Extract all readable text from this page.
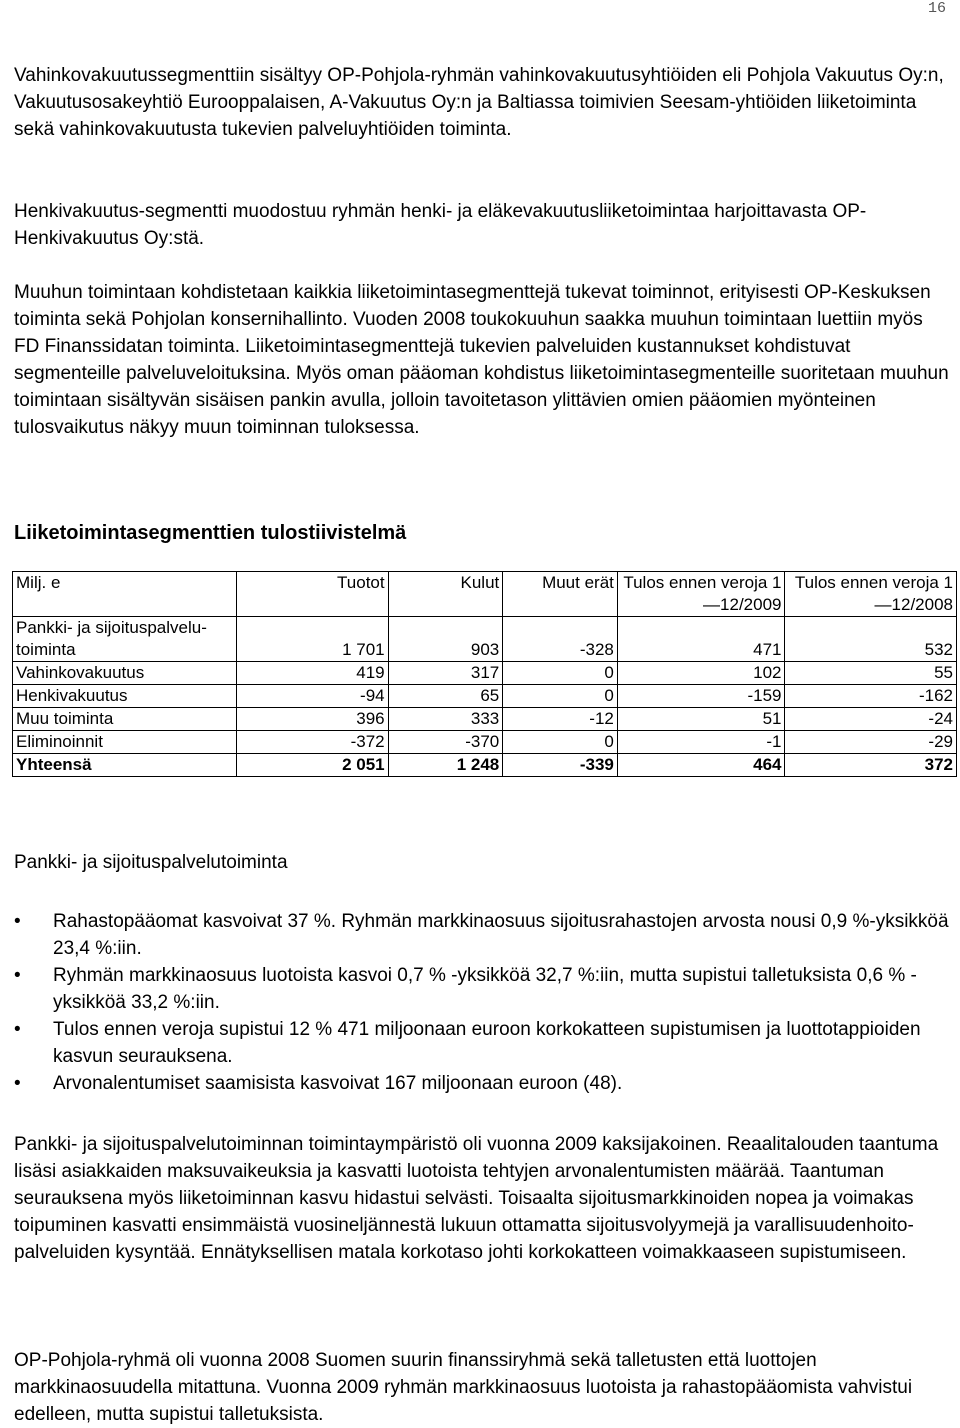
16

Vahinkovakuutussegmenttiin sisältyy OP-Pohjola-ryhmän vahinkovakuutusyhtiöiden eli Pohjola Vakuutus Oy:n, Vakuutusosakeyhtiö Eurooppalaisen, A-Vakuutus Oy:n ja Baltiassa toimivien Seesam-yhtiöiden liiketoiminta sekä vahinkovakuutusta tukevien palveluyhtiöiden toiminta.

Henkivakuutus-segmentti muodostuu ryhmän henki- ja eläkevakuutusliiketoimintaa harjoittavasta OP-Henkivakuutus Oy:stä.

Muuhun toimintaan kohdistetaan kaikkia liiketoimintasegmenttejä tukevat toiminnot, erityisesti OP-Keskuksen toiminta sekä Pohjolan konsernihallinto. Vuoden 2008 toukokuuhun saakka muuhun toimintaan luettiin myös FD Finanssidatan toiminta. Liiketoimintasegmenttejä tukevien palveluiden kustannukset kohdistuvat segmenteille palveluveloituksina. Myös oman pääoman kohdistus liiketoimintasegmenteille suoritetaan muuhun toimintaan sisältyvän sisäisen pankin avulla, jolloin tavoitetason ylittävien omien pääomien myönteinen tulosvaikutus näkyy muun toiminnan tuloksessa.

Liiketoimintasegmenttien tulostiivistelmä
Milj. e	Tuotot	Kulut	Muut erät	Tulos ennen veroja 1—12/2009	Tulos ennen veroja 1—12/2008
Pankki- ja sijoituspalvelu-toiminta	1 701	903	-328	471	532
Vahinkovakuutus	419	317	0	102	55
Henkivakuutus	-94	65	0	-159	-162
Muu toiminta	396	333	-12	51	-24
Eliminoinnit	-372	-370	0	-1	-29
Yhteensä	2 051	1 248	-339	464	372

Pankki- ja sijoituspalvelutoiminta

• Rahastopääomat kasvoivat 37 %. Ryhmän markkinaosuus sijoitusrahastojen arvosta nousi 0,9 %-yksikköä 23,4 %:iin.
• Ryhmän markkinaosuus luotoista kasvoi 0,7 % -yksikköä 32,7 %:iin, mutta supistui talletuksista 0,6 % -yksikköä 33,2 %:iin.
• Tulos ennen veroja supistui 12 % 471 miljoonaan euroon korkokatteen supistumisen ja luottotappioiden kasvun seurauksena.
• Arvonalentumiset saamisista kasvoivat 167 miljoonaan euroon (48).

Pankki- ja sijoituspalvelutoiminnan toimintaympäristö oli vuonna 2009 kaksijakoinen. Reaalitalouden taantuma lisäsi asiakkaiden maksuvaikeuksia ja kasvatti luotoista tehtyjen arvonalentumisten määrää. Taantuman seurauksena myös liiketoiminnan kasvu hidastui selvästi. Toisaalta sijoitusmarkkinoiden nopea ja voimakas toipuminen kasvatti ensimmäistä vuosineljännestä lukuun ottamatta sijoitusvolyymejä ja varallisuudenhoito-palveluiden kysyntää. Ennätyksellisen matala korkotaso johti korkokatteen voimakkaaseen supistumiseen.

OP-Pohjola-ryhmä oli vuonna 2008 Suomen suurin finanssiryhmä sekä talletusten että luottojen markkinaosuudella mitattuna. Vuonna 2009 ryhmän markkinaosuus luotoista ja rahastopääomista vahvistui edelleen, mutta supistui talletuksista.
